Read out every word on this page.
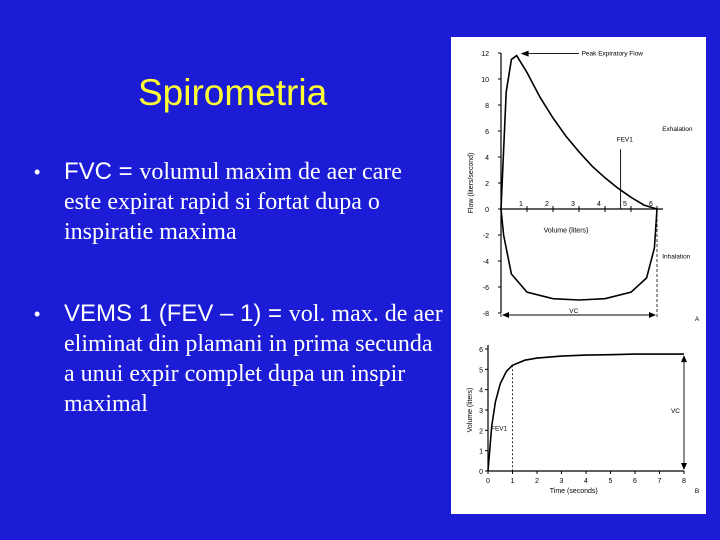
Spirometria
• FVC = volumul maxim de aer care este expirat rapid si fortat dupa o inspiratie maxima
• VEMS 1 (FEV – 1) = vol. max. de aer eliminat din plamani in prima secunda a unui expir complet dupa un inspir maximal
12
10
8
6
4
2
0
-2
-4
-6
-8
1	2	3	4	5	6
Volume (liters)
Flow (liters/second)
FEV1
Peak Expiratory Flow
Exhalation
Inhalation
VC
A
6
5
4
3
2
1
0
0	1	2	3	4	5	6	7	8
Time (seconds)
Volume (liters)	FEV1
VC
B
